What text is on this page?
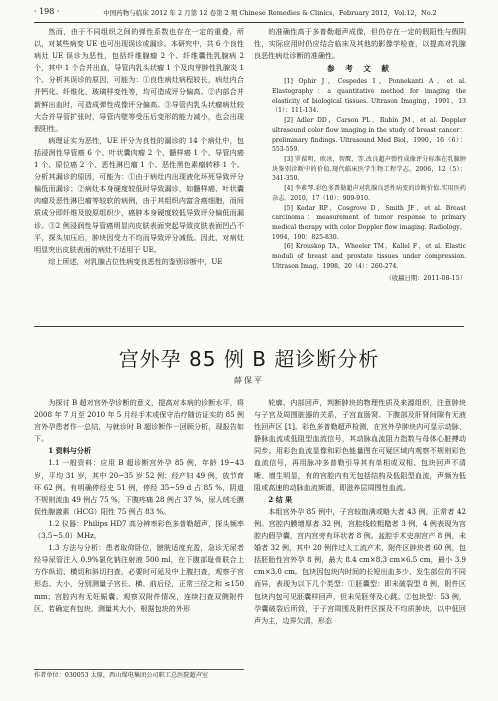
· 198 ·	中国药物与临床 2012 年 2 月第 12 卷第 2 期 Chinese Remedies & Clinics，February 2012，Vol.12，No.2

然而，由于不同组织之间的弹性系数也存在一定的重叠，所以，对某些病变 UE 也可出现误诊或漏诊。本研究中，共 6 个良性病灶 UE 误诊为恶性，包括纤维腺瘤 2 个、纤维囊性乳腺病 2 个，其中 1 个合并出血，导管内乳头状瘤 1 个及肉芽肿性乳腺炎 1 个。分析其误诊的原因，可能为：①良性病灶病程较长，病灶内合并钙化、纤维化、玻璃样变性等，均可造成评分偏高。②内部合并新鲜出血时，可造成弹性成像评分偏高。③导管内乳头状瘤病灶较大合并导管扩张时，导管内壁等受压后变形的能力减小，也会出现假阳性。

病理证实为恶性，UE 评分为良性的漏诊的 14 个病灶中，包括浸润性导管癌 6 个、叶状囊肉瘤 2 个、髓样癌 1 个、导管内癌 1 个、原位癌 2 个、恶性淋巴瘤 1 个、恶性黑色素瘤转移 1 个。分析其漏诊的原因，可能为：①由于病灶内出现液化坏死导致评分偏低而漏诊；②病灶本身硬度较低时导致漏诊，如髓样癌、叶状囊肉瘤及恶性淋巴瘤等较软的病例，由于其组织内富含癌细胞，而间质成分即纤维及胶原组织少，癌肿本身硬度较低导致评分偏低而漏诊。③2 例浸润性导管癌明显向皮肤表面突起导致皮肤表面凹凸不平，探头加压后，肿块因受力不均而导致评分减低。因此，对病灶明显突出皮肤表面的病灶不适用于 UE。

综上所述，对乳腺占位性病变良恶性的鉴别诊断中，UE

的准确性高于多普勒超声成像，但仍存在一定的假阳性与假阴性，实际应用时仍应结合临床及其他的影像学检查，以提高对乳腺良恶性病灶诊断的准确性。

参 考 文 献

[1] Ophir J，Cespedes I，Ponnekanti A，et al. Elastography：a quantitative method for imaging the elasticity of biological tissues. Ultrason Imaging，1991，13（1）：111-134.

[2] Adler DD，Carson PL，Rubin JM，et al. Doppler ultrasound color flow imaging in the study of breast cancer：preliminary findings. Ultrasound Med Biol，1990，16（6）：553-559.

[3] 罗葆明，欧冰，智鹰，等.改良超声弹性成像评分标准在乳腺肿块鉴别诊断中的价值.现代临床医学生物工程学志，2006，12（5）：341-350.

[4] 李素琴.彩色多普勒超声对乳腺良恶性病变的诊断价值.实用医药杂志，2010，17（10）：909-910.

[5] Kedar RP，Cosgrove D，Smith JF，et al. Breast carcinoma：measurement of tumor response to primary medical therapy with color Doppler flow imaging. Radiology，1994，190：825-830.

[6] Krouskop TA，Wheeler TM，Kallel F，et al. Elastic moduli of breast and prostate tissues under compression. Ultrason Imag，1998，20（4）：260-274.

（收稿日期：2011-08-15）
宫外孕 85 例 B 超诊断分析
薛保平

为探讨 B 超对宫外孕诊断的意义，提高对本病的诊断水平，将 2008 年 7 月至 2010 年 5 月经手术或保守治疗随访证实的 85 例宫外孕患者作一总结，与就诊时 B 超诊断作一回顾分析，现报告如下。

1 资料与分析

1.1 一般资料：应用 B 超诊断宫外孕 85 例，年龄 19~43 岁，平均 31 岁，其中 20~35 岁 52 例；经产妇 49 例，放节育环 62 例。有明确停经史 51 例，停经 35~59 d 占 85 %，阴道不规则流血 49 例占 75 %，下腹疼痛 28 例占 37 %，尿人绒毛膜促性腺激素（HCG）阳性 75 例占 83 %。

1.2 仪器：Philips HD7 高分辨率彩色多普勒超声，探头频率（3.5~5.0）MHz。

1.3 方法与分析：患者取仰卧位，膀胱适度充盈，急诊无尿者经导尿管注入 0.9%氯化钠注射液 500 ml，在下腹部耻骨联合上方作纵切、横切和斜切扫查，必要时可延及中上腹扫查，观察子宫形态、大小，分别测量子宫长、横、前后径，正常三径之和 ≤150 mm；宫腔内有无妊娠囊、观察双附件情况，连续扫查双侧附件区，若确定有包块，测量其大小，根据包块的外形

轮廓、内部回声，判断肿块的物理性质及来源组织，注意肿块与子宫及周围脏器的关系，子宫直肠窝、下腹部及肝肾间隙有无液性回声区 [1]。彩色多普勒超声检测，在宫外孕肿块内可显示动脉、静脉血流或低阻型血流信号，其动脉血流阻力指数与母体心脏搏动同步。用彩色血流显像和彩色能量图在可疑区域内观察不规则彩色血流信号，再用脉冲多普勒引导其有单相或双相、包块回声不清晰、增生明显，有的宫腔内有无包括结构及低阻型血流，声频为低阻或高速的动脉血流频谱，即滋养层周围性血流。

2 结 果

本组宫外孕 85 例中，子宫较饱满或略大者 43 例，正常者 42 例。宫腔内膜增厚者 32 例，宫腔线较粗糙者 3 例，4 例表现为宫腔内假孕囊，宫内宫旁有环状者 8 例。盆腔手术史剖宫产 8 例，未婚者 32 例，其中 20 例伴过人工流产术，附件区肿块者 60 例，包括胚胎性宫外孕 8 例，最大 8.4 cm×8.3 cm×6.5 cm，最小 3.9 cm×3.0 cm。包块因包块内时间的长短出血多少、发生部位的不同而异，表现为以下几个类型：①胚囊型：即未破裂型 8 例，附件区包块内包可见胚囊样回声，但未见胚芽及心跳。②包块型：53 例，孕囊破裂后所致，于子宫周围及附件区探及不均质肿块，以中低回声为主，边界欠清，形态

作者单位：030053 太原，西山煤电集团公司职工总医院超声室
